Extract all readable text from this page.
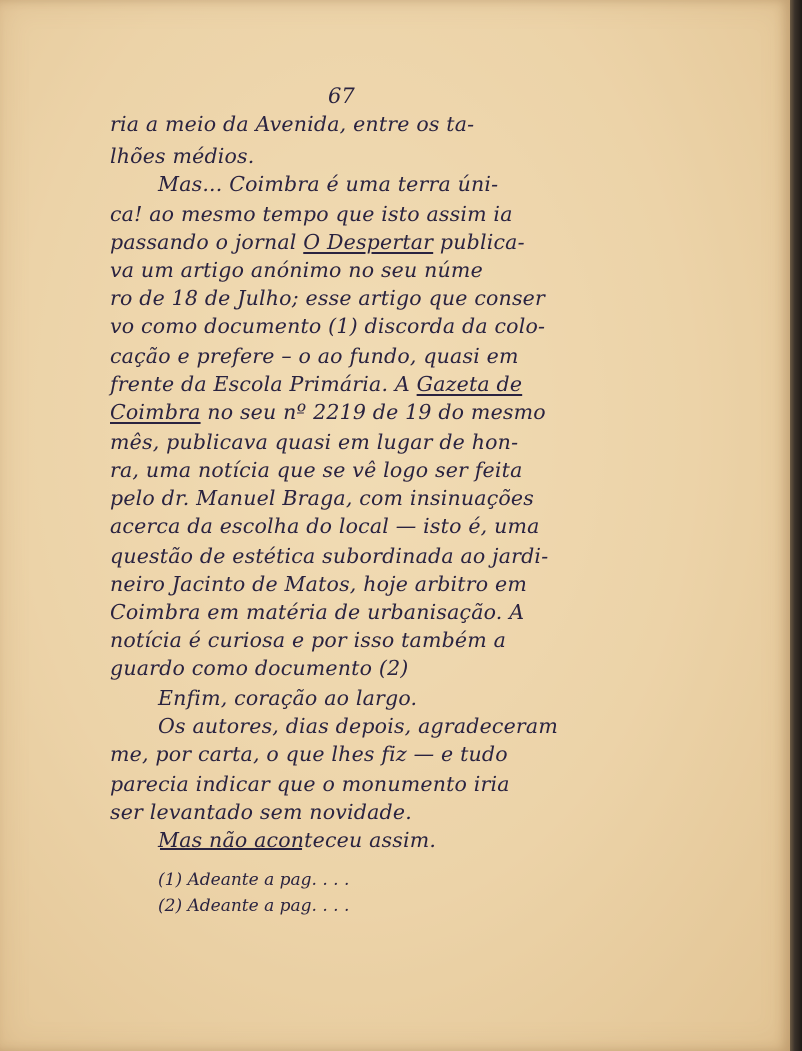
67
ria a meio da Avenida, entre os ta-
lhões médios.
Mas... Coimbra é uma terra úni-
ca! ao mesmo tempo que isto assim ia
passando o jornal O Despertar publica-
va um artigo anónimo no seu núme
ro de 18 de Julho; esse artigo que conser
vo como documento (1) discorda da colo-
cação e prefere – o ao fundo, quasi em
frente da Escola Primária. A Gazeta de
Coimbra no seu nº 2219 de 19 do mesmo
mês, publicava quasi em lugar de hon-
ra, uma notícia que se vê logo ser feita
pelo dr. Manuel Braga, com insinuações
acerca da escolha do local — isto é, uma
questão de estética subordinada ao jardi-
neiro Jacinto de Matos, hoje arbitro em
Coimbra em matéria de urbanisação. A
notícia é curiosa e por isso também a
guardo como documento (2)
Enfim, coração ao largo.
Os autores, dias depois, agradeceram
me, por carta, o que lhes fiz — e tudo
parecia indicar que o monumento iria
ser levantado sem novidade.
Mas não aconteceu assim.
(1) Adeante a pag. . . .
(2) Adeante a pag. . . .
